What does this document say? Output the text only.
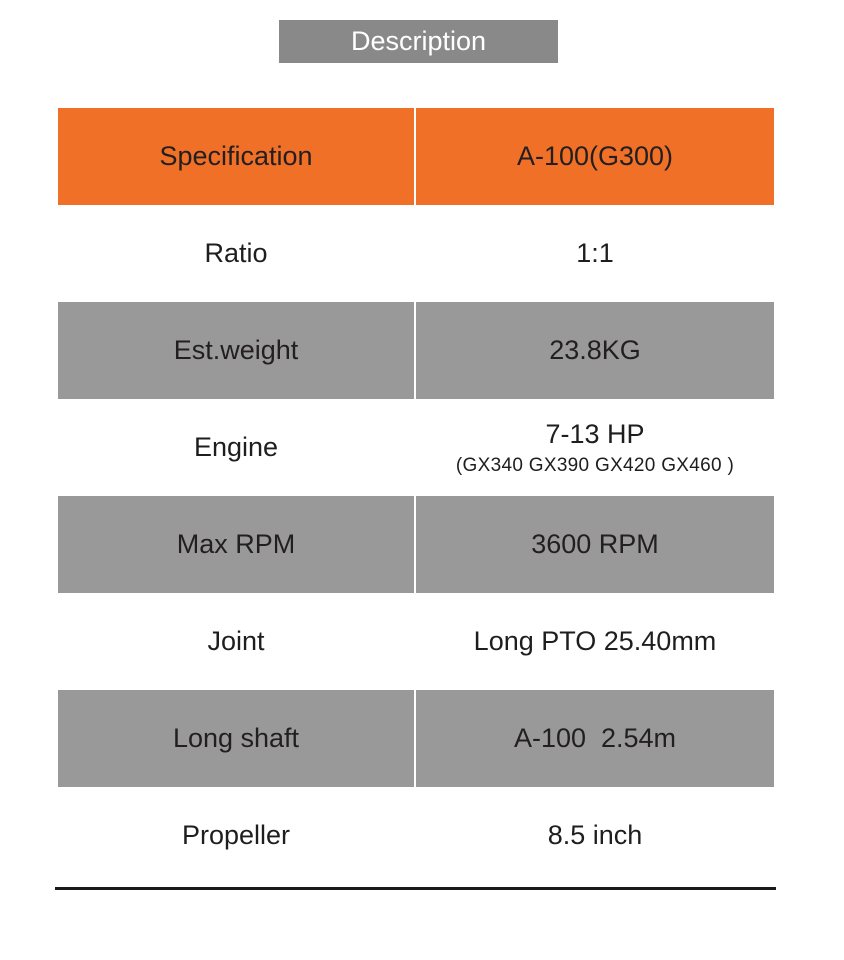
Description
Specification	A-100(G300)
Ratio	1:1
Est.weight	23.8KG
Engine	7-13 HP
(GX340 GX390 GX420 GX460 )
Max RPM	3600 RPM
Joint	Long PTO 25.40mm
Long shaft	A-100  2.54m
Propeller	8.5 inch
